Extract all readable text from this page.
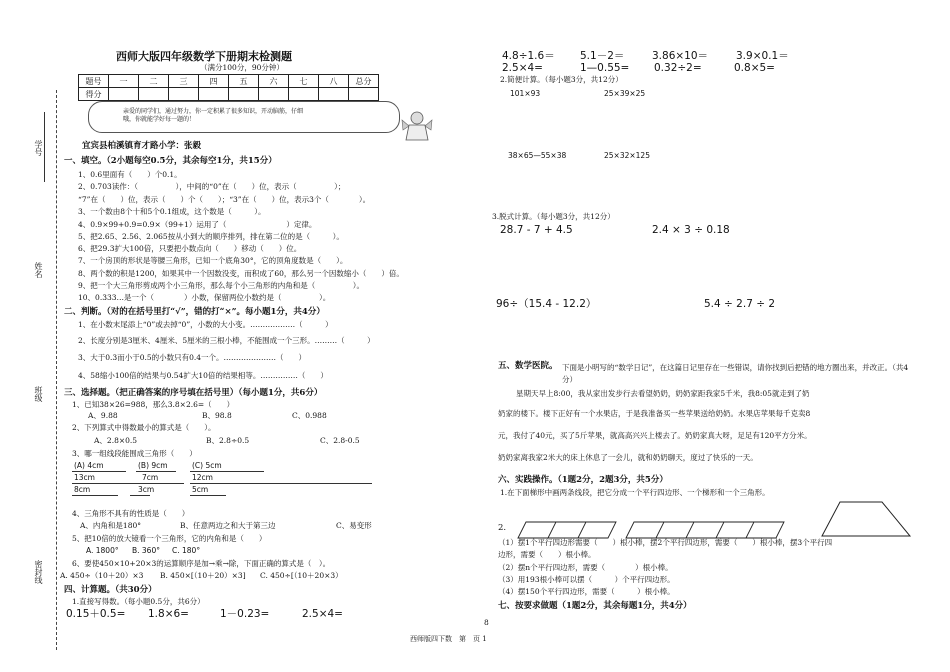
学号
姓名
班级
密封线
西师大版四年级数学下册期末检测题
（满分100分，90分钟）
题号	一	二	三	四	五	六	七	八	总分
得分									
亲爱的同学们，通过努力，你一定积累了很多知识，开动脑筋，仔细哦，你就能学好每一题的！
宜宾县柏溪镇育才路小学：张毅
一、填空。（2小题每空0.5分，其余每空1分，共15分）
1、0.6里面有（　　）个0.1。
2、0.703读作：（　　　　　），中间的“0”在（　　）位，表示（　　　　　）；
“7”在（　　）位，表示（　　）个（　　）；“3”在（　　）位，表示3个（　　　　）。
3、一个数由8个十和5个0.1组成，这个数是（　　　）。
4、0.9×99+0.9=0.9×（99+1）运用了（　　　　　　　　）定律。
5、把2.65、2.56、2.065按从小到大的顺序排列，排在第二位的是（　　　）。
6、把29.3扩大100倍，只要把小数点向（　　）移动（　　）位。
7、一个房顶的形状是等腰三角形，已知一个底角30°，它的顶角度数是（　　）。
8、两个数的积是1200，如果其中一个因数没变，而积成了60，那么另一个因数缩小（　　）倍。
9、把一个大三角形剪成两个小三角形，那么每个小三角形的内角和是（　　　　　）。
10、0.333…是一个（　　　　）小数，保留两位小数约是（　　　　　）。
二、判断。（对的在括号里打“√”，错的打“×”。每小题1分，共4分）
1、在小数末尾添上“0”或去掉“0”，小数的大小变。………………（　　　）
2、长度分别是3厘米、4厘米、5厘米的三根小棒，不能围成一个三形。………（　　　）
3、大于0.3而小于0.5的小数只有0.4一个。…………………（　　）
4、58缩小100倍的结果与0.54扩大10倍的结果相等。……………（　　）
三、选择题。（把正确答案的序号填在括号里）（每小题1分，共6分）
1、已知38×26=988，那么3.8×2.6=（　　）
A、9.88	B、98.8	C、0.988
2、下列算式中得数最小的算式是（　　）。
A、2.8×0.5	B、2.8÷0.5	C、2.8-0.5
3、哪一组线段能围成三角形（　　）
(A) 4cm	(B) 9cm	(C) 5cm
13cm	7cm	12cm
8cm	3cm	5cm
4、三角形不具有的性质是（　　）
A、内角和是180°	B、任意两边之和大于第三边	C、易变形
5、把10倍的放大镜看一个三角形，它的内角和是（　　）
A. 1800° B. 360° C. 180°
6、要使450×10+20×3的运算顺序是加→乘→除，下面正确的算式是（　）。
A. 450÷（10＋20）×3 B. 450×[（10＋20）×3] C. 450÷[（10＋20×3）
四、计算题。（共30分）
1.直接写得数。（每小题0.5分，共6分）
0.15＋0.5= 1.8×6=	1－0.23=	2.5×4=
4.8÷1.6＝ 5.1－2＝	3.86×10＝	3.9×0.1＝
2.5×4=	1—0.55= 0.32÷2=	0.8×5=
2.简便计算。（每小题3分，共12分）
101×93	25×39×25
38×65—55×38	25×32×125
3.脱式计算。（每小题3分，共12分）
28.7 - 7 + 4.5	2.4 × 3 ÷ 0.18
96÷（15.4 - 12.2）	5.4 ÷ 2.7 ÷ 2
五、数学医院。 下面是小明写的“数学日记”，在这篇日记里存在一些错误，请你找到后把错的地方圈出来，并改正。（共4分）
星期天早上8:00，我从家出发步行去看望奶奶，奶奶家距我家5千米，我8:05就走到了奶
奶家的楼下。楼下正好有一个水果店，于是我准备买一些苹果送给奶奶。水果店苹果每千克卖8
元，我付了40元，买了5斤苹果，就高高兴兴上楼去了。奶奶家真大呀，足足有120平方分米。
奶奶家离我家2米大的床上休息了一会儿，就和奶奶聊天，度过了快乐的一天。
六、实践操作。（1题2分，2题3分，共5分）
1.在下面梯形中画两条线段，把它分成一个平行四边形、一个梯形和一个三角形。
2.
（1）摆1个平行四边形需要（　　）根小棒，摆2个平行四边形，需要（　　）根小棒，摆3个平行四
边形，需要（　　）根小棒。
（2）摆n个平行四边形，需要（　　　　）根小棒。
（3）用193根小棒可以摆（　　　）个平行四边形。
（4）摆150个平行四边形，需要（　　　）根小棒。
七、按要求做题（1题2分，其余每题1分，共4分）
8
西师版四下数　第　页 1
